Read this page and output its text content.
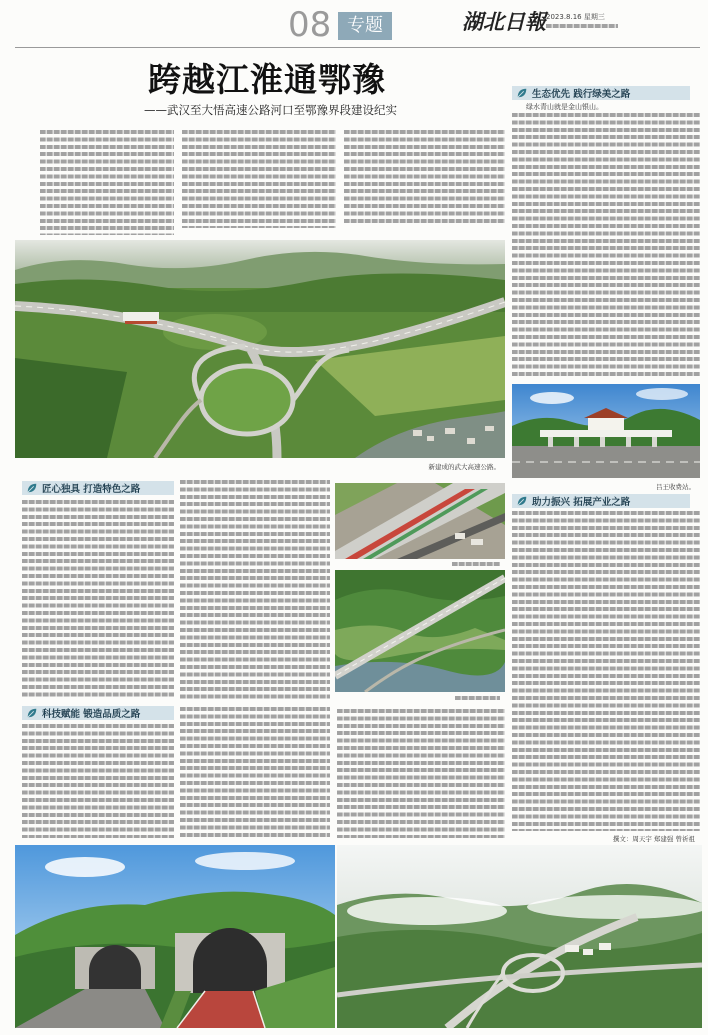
08 专题	湖北日報 2023.8.16 星期三
跨越江淮通鄂豫
——武汉至大悟高速公路河口至鄂豫界段建设纪实
新建成的武大高速公路。
生态优先 践行绿美之路
绿水青山就是金山银山。
吕王收费站。
助力振兴 拓展产业之路
撰文：周天宇 郑建强 曾祈祖
匠心独具 打造特色之路
科技赋能 锻造品质之路
